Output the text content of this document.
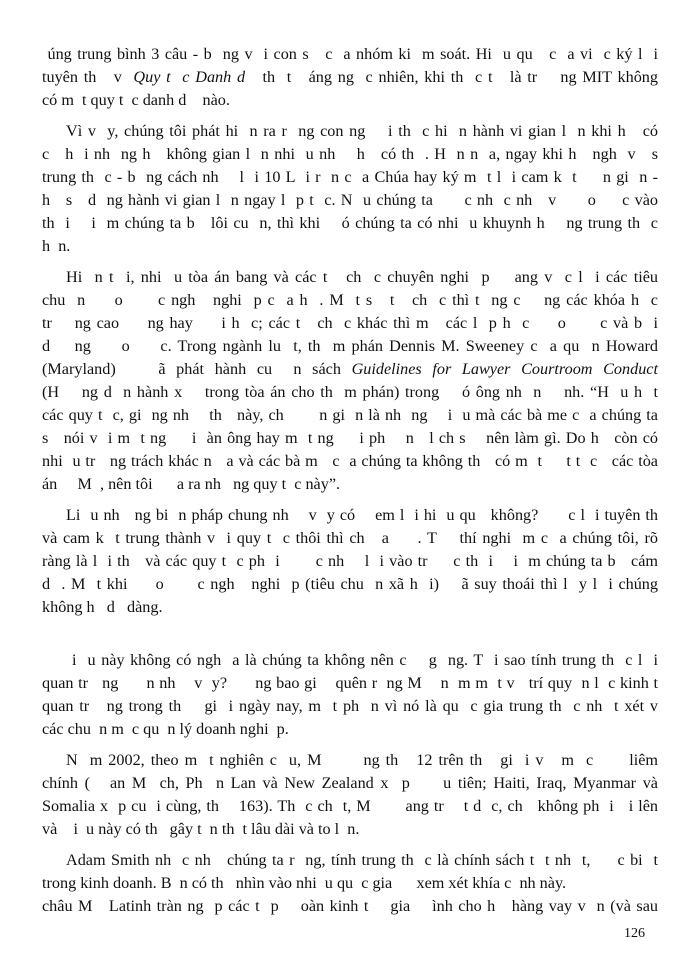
úng trung bình 3 câu - b  ng v  i con s   c  a nhóm ki  m soát. Hi  u qu   c  a vi  c ký l  i
tuyên th   v  Quy t  c Danh d   th  t   áng ng  c nhiên, khi th  c t   là tr    ng MIT không
có m  t quy t  c danh d    nào.
Vì v  y, chúng tôi phát hi  n ra r  ng con ng    i th  c hi  n hành vi gian l  n khi h   có
c   h  i nh  ng h   không gian l  n nhi  u nh    h   có th  . H  n n  a, ngay khi h   ngh  v   s
trung th  c - b  ng cách nh    l  i 10 L  i r  n c  a Chúa hay ký m  t l  i cam k  t     n gi  n -
h   s   d  ng hành vi gian l  n ngay l  p t  c. N  u chúng ta      c nh  c nh   v      o     c vào
th  i    i  m chúng ta b   lôi cu  n, thì khi    ó chúng ta có nhi  u khuynh h    ng trung th  c
h  n.
Hi  n t  i, nhi  u tòa án bang và các t   ch  c chuyên nghi  p    ang v  c l  i các tiêu
chu  n     o      c ngh   nghi  p c  a h  . M  t s   t   ch  c thì t  ng c    ng các khóa h  c
tr    ng cao     ng hay     i h  c; các t   ch  c khác thì m   các l  p h  c     o      c và b  i
d    ng     o     c. Trong ngành lu  t, th  m phán Dennis M. Sweeney c  a qu  n Howard
(Maryland)    ã phát hành cu  n sách Guidelines for Lawyer Courtroom Conduct
(H    ng d  n hành x    trong tòa án cho th  m phán) trong    ó ông nh  n    nh. “H  u h  t
các quy t  c, gi  ng nh    th   này, ch       n gi  n là nh  ng    i  u mà các bà me c  a chúng ta
s   nói v  i m  t ng     i  àn ông hay m  t ng     i ph    n   l ch s    nên làm gì. Do h   còn có
nhi  u tr   ng trách khác n   a và các bà m   c  a chúng ta không th   có m  t     t t  c   các tòa
án     M  , nên tôi      a ra nh   ng quy t  c này”.
Li  u nh   ng bi  n pháp chung nh    v  y có    em l  i hi  u qu   không?      c l  i tuyên th
và cam k  t trung thành v  i quy t  c thôi thì ch   a     . T    thí nghi  m c  a chúng tôi, rõ
ràng là l  i th   và các quy t  c ph  i       c nh    l  i vào tr     c th  i    i  m chúng ta b   cám
d  . M  t khi     o      c ngh   nghi  p (tiêu chu  n xã h  i)    ã suy thoái thì l  y l  i chúng
không h   d   dàng.
i  u này không có ngh  a là chúng ta không nên c    g  ng. T  i sao tính trung th  c l  i
quan tr   ng      n nh    v  y?      ng bao gi    quên r  ng M    n  m m  t v   trí quy  n l  c kinh t
quan tr   ng trong th    gi  i ngày nay, m  t ph  n vì nó là qu  c gia trung th  c nh  t xét v
các chu  n m  c qu  n lý doanh nghi  p.
N  m 2002, theo m  t nghiên c  u, M       ng th   12 trên th   gi  i v   m  c      liêm
chính (   an M  ch, Ph  n Lan và New Zealand x  p     u tiên; Haiti, Iraq, Myanmar và
Somalia x  p cu  i cùng, th    163). Th  c ch  t, M       ang tr    t d  c, ch   không ph  i   i lên
và    i  u này có th   gây t  n th  t lâu dài và to l  n.
Adam Smith nh  c nh   chúng ta r  ng, tính trung th  c là chính sách t  t nh  t,     c bi  t
trong kinh doanh. B  n có th   nhìn vào nhi  u qu  c gia      xem xét khía c  nh này.
châu M   Latinh tràn ng  p các t  p    oàn kinh t    gia    ình cho h   hàng vay v  n (và sau
126
